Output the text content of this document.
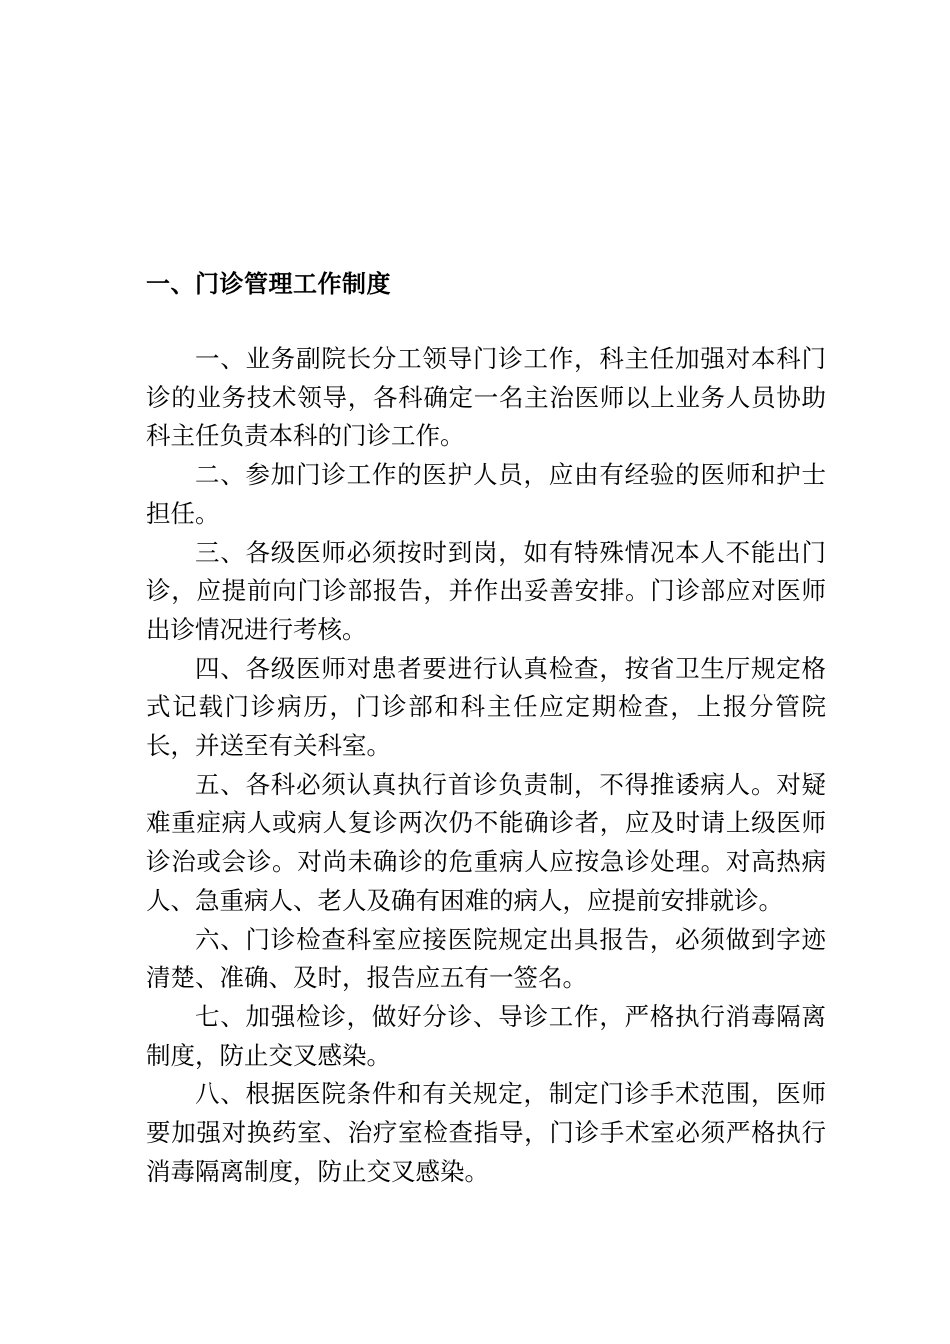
一、门诊管理工作制度

一、业务副院长分工领导门诊工作，科主任加强对本科门诊的业务技术领导，各科确定一名主治医师以上业务人员协助科主任负责本科的门诊工作。

二、参加门诊工作的医护人员，应由有经验的医师和护士担任。

三、各级医师必须按时到岗，如有特殊情况本人不能出门诊，应提前向门诊部报告，并作出妥善安排。门诊部应对医师出诊情况进行考核。

四、各级医师对患者要进行认真检查，按省卫生厅规定格式记载门诊病历，门诊部和科主任应定期检查，上报分管院长，并送至有关科室。

五、各科必须认真执行首诊负责制，不得推诿病人。对疑难重症病人或病人复诊两次仍不能确诊者，应及时请上级医师诊治或会诊。对尚未确诊的危重病人应按急诊处理。对高热病人、急重病人、老人及确有困难的病人，应提前安排就诊。

六、门诊检查科室应接医院规定出具报告，必须做到字迹清楚、准确、及时，报告应五有一签名。

七、加强检诊，做好分诊、导诊工作，严格执行消毒隔离制度，防止交叉感染。

八、根据医院条件和有关规定，制定门诊手术范围，医师要加强对换药室、治疗室检查指导，门诊手术室必须严格执行消毒隔离制度，防止交叉感染。
